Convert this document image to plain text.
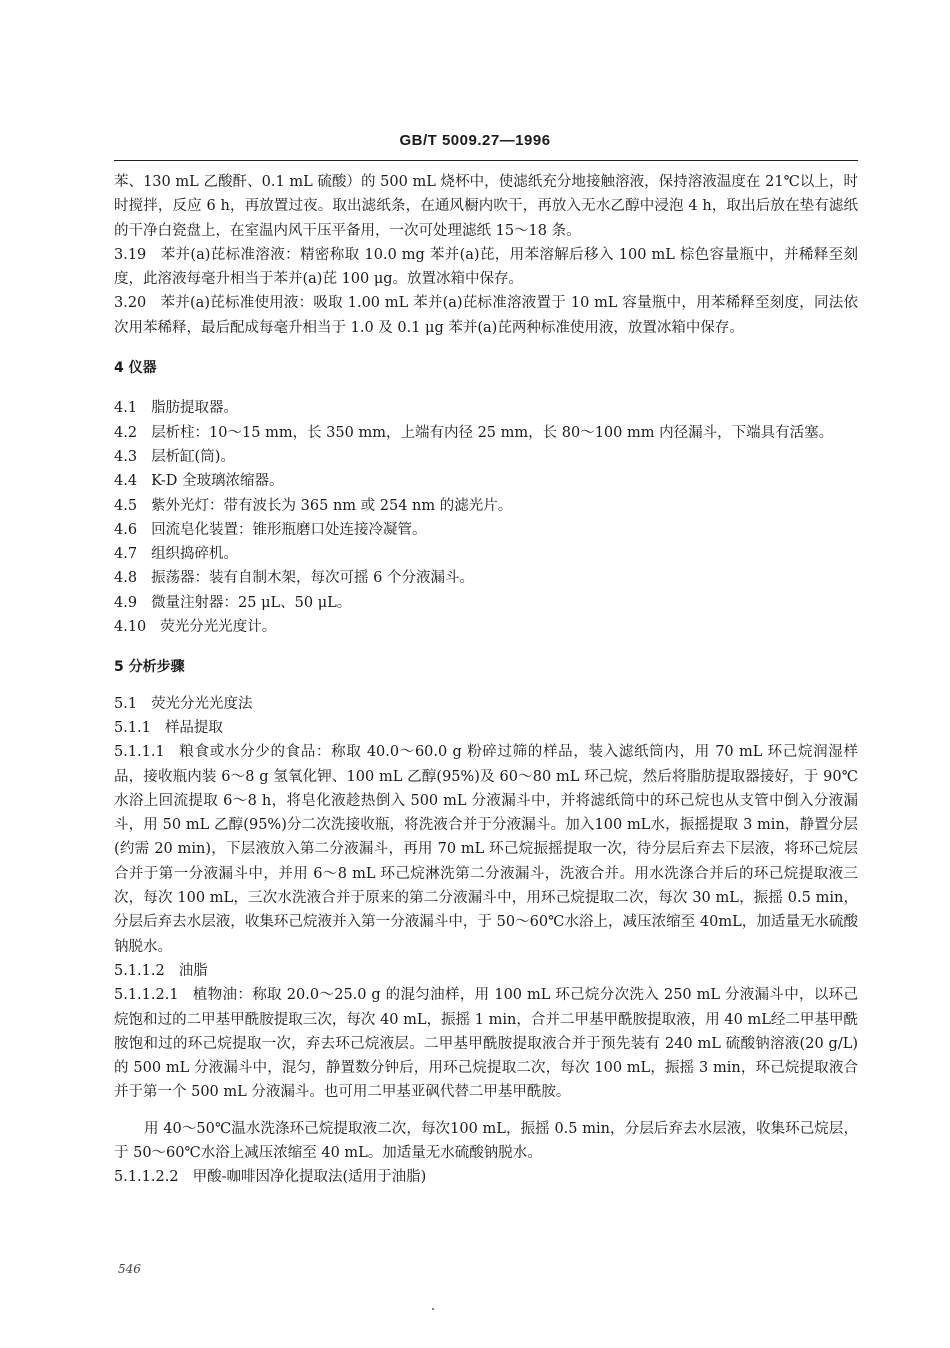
GB/T 5009.27—1996

苯、130 mL 乙酸酐、0.1 mL 硫酸）的 500 mL 烧杯中，使滤纸充分地接触溶液，保持溶液温度在 21℃以上，时时搅拌，反应 6 h，再放置过夜。取出滤纸条，在通风橱内吹干，再放入无水乙醇中浸泡 4 h，取出后放在垫有滤纸的干净白瓷盘上，在室温内风干压平备用，一次可处理滤纸 15～18 条。

3.19 苯并(a)芘标准溶液：精密称取 10.0 mg 苯并(a)芘，用苯溶解后移入 100 mL 棕色容量瓶中，并稀释至刻度，此溶液每毫升相当于苯并(a)芘 100 μg。放置冰箱中保存。

3.20 苯并(a)芘标准使用液：吸取 1.00 mL 苯并(a)芘标准溶液置于 10 mL 容量瓶中，用苯稀释至刻度，同法依次用苯稀释，最后配成每毫升相当于 1.0 及 0.1 μg 苯并(a)芘两种标准使用液，放置冰箱中保存。

4 仪器

4.1 脂肪提取器。

4.2 层析柱：10～15 mm，长 350 mm，上端有内径 25 mm，长 80～100 mm 内径漏斗，下端具有活塞。

4.3 层析缸(筒)。

4.4 K-D 全玻璃浓缩器。

4.5 紫外光灯：带有波长为 365 nm 或 254 nm 的滤光片。

4.6 回流皂化装置：锥形瓶磨口处连接冷凝管。

4.7 组织捣碎机。

4.8 振荡器：装有自制木架，每次可摇 6 个分液漏斗。

4.9 微量注射器：25 μL、50 μL。

4.10 荧光分光光度计。

5 分析步骤

5.1 荧光分光光度法

5.1.1 样品提取

5.1.1.1 粮食或水分少的食品：称取 40.0～60.0 g 粉碎过筛的样品，装入滤纸筒内，用 70 mL 环己烷润湿样品，接收瓶内装 6～8 g 氢氧化钾、100 mL 乙醇(95%)及 60～80 mL 环己烷，然后将脂肪提取器接好，于 90℃水浴上回流提取 6～8 h，将皂化液趁热倒入 500 mL 分液漏斗中，并将滤纸筒中的环己烷也从支管中倒入分液漏斗，用 50 mL 乙醇(95%)分二次洗接收瓶，将洗液合并于分液漏斗。加入100 mL水，振摇提取 3 min，静置分层(约需 20 min)，下层液放入第二分液漏斗，再用 70 mL 环己烷振摇提取一次，待分层后弃去下层液，将环己烷层合并于第一分液漏斗中，并用 6～8 mL 环己烷淋洗第二分液漏斗，洗液合并。用水洗涤合并后的环己烷提取液三次，每次 100 mL，三次水洗液合并于原来的第二分液漏斗中，用环己烷提取二次，每次 30 mL，振摇 0.5 min，分层后弃去水层液，收集环己烷液并入第一分液漏斗中，于 50～60℃水浴上，减压浓缩至 40mL，加适量无水硫酸钠脱水。

5.1.1.2 油脂

5.1.1.2.1 植物油：称取 20.0～25.0 g 的混匀油样，用 100 mL 环己烷分次洗入 250 mL 分液漏斗中，以环己烷饱和过的二甲基甲酰胺提取三次，每次 40 mL，振摇 1 min，合并二甲基甲酰胺提取液，用 40 mL经二甲基甲酰胺饱和过的环己烷提取一次，弃去环己烷液层。二甲基甲酰胺提取液合并于预先装有 240 mL 硫酸钠溶液(20 g/L)的 500 mL 分液漏斗中，混匀，静置数分钟后，用环己烷提取二次，每次 100 mL，振摇 3 min，环己烷提取液合并于第一个 500 mL 分液漏斗。也可用二甲基亚砜代替二甲基甲酰胺。

用 40～50℃温水洗涤环己烷提取液二次，每次100 mL，振摇 0.5 min，分层后弃去水层液，收集环己烷层，于 50～60℃水浴上减压浓缩至 40 mL。加适量无水硫酸钠脱水。

5.1.1.2.2 甲酸-咖啡因净化提取法(适用于油脂)

546
